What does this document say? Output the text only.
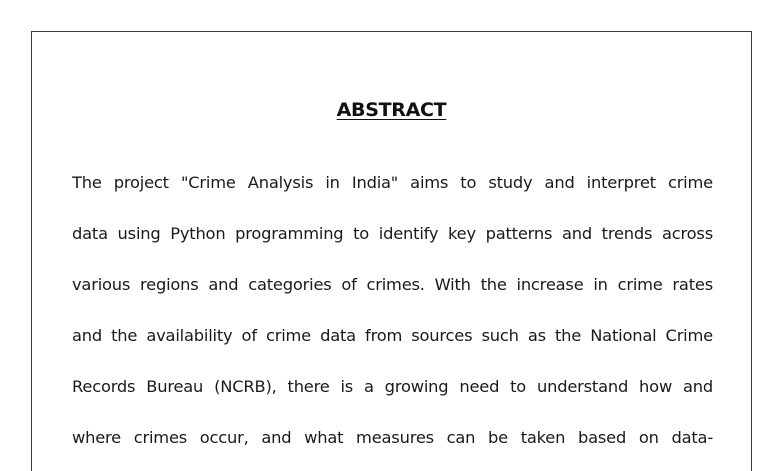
ABSTRACT
The project "Crime Analysis in India" aims to study and interpret crime
data using Python programming to identify key patterns and trends across
various regions and categories of crimes. With the increase in crime rates
and the availability of crime data from sources such as the National Crime
Records Bureau (NCRB), there is a growing need to understand how and
where crimes occur, and what measures can be taken based on data-
